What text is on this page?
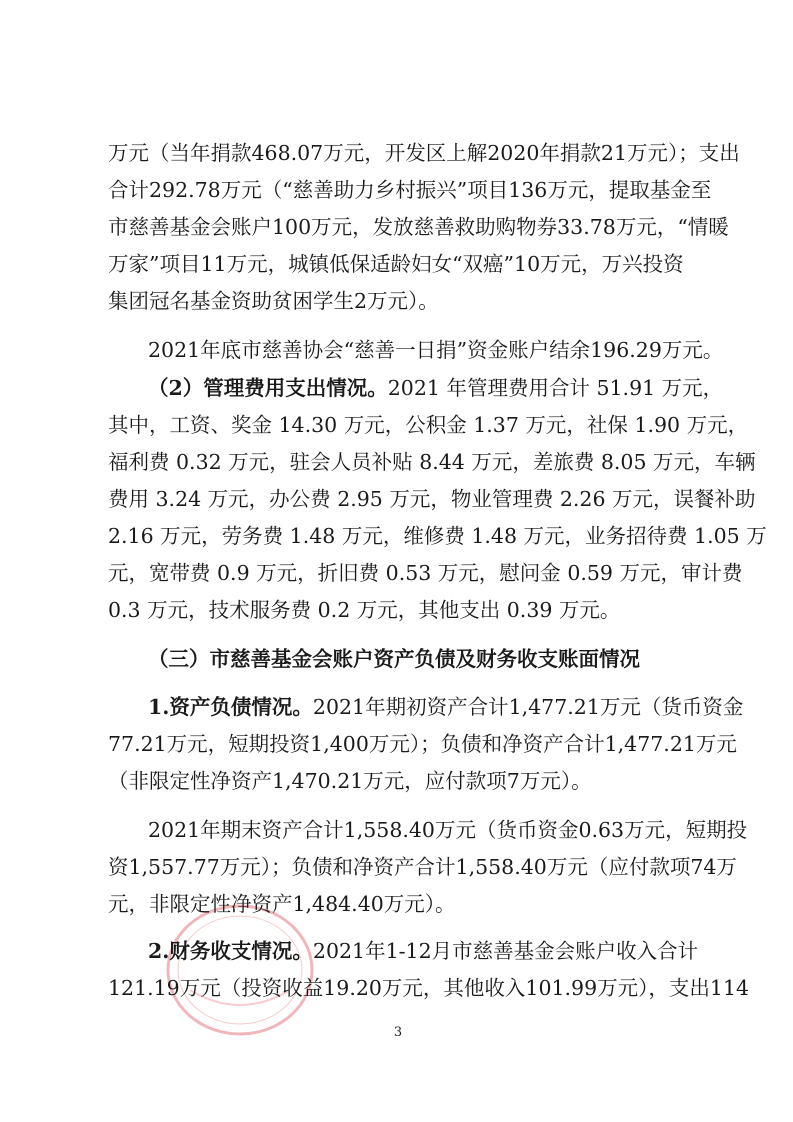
万元（当年捐款468.07万元，开发区上解2020年捐款21万元）；支出
合计292.78万元（“慈善助力乡村振兴”项目136万元，提取基金至
市慈善基金会账户100万元，发放慈善救助购物券33.78万元，“情暖
万家”项目11万元，城镇低保适龄妇女“双癌”10万元，万兴投资
集团冠名基金资助贫困学生2万元）。
2021年底市慈善协会“慈善一日捐”资金账户结余196.29万元。
（2）管理费用支出情况。2021 年管理费用合计 51.91 万元，
其中，工资、奖金 14.30 万元，公积金 1.37 万元，社保 1.90 万元，
福利费 0.32 万元，驻会人员补贴 8.44 万元，差旅费 8.05 万元，车辆
费用 3.24 万元，办公费 2.95 万元，物业管理费 2.26 万元，误餐补助
2.16 万元，劳务费 1.48 万元，维修费 1.48 万元，业务招待费 1.05 万
元，宽带费 0.9 万元，折旧费 0.53 万元，慰问金 0.59 万元，审计费
0.3 万元，技术服务费 0.2 万元，其他支出 0.39 万元。
（三）市慈善基金会账户资产负债及财务收支账面情况
1.资产负债情况。2021年期初资产合计1,477.21万元（货币资金
77.21万元，短期投资1,400万元）；负债和净资产合计1,477.21万元
（非限定性净资产1,470.21万元，应付款项7万元）。
2021年期末资产合计1,558.40万元（货币资金0.63万元，短期投
资1,557.77万元）；负债和净资产合计1,558.40万元（应付款项74万
元，非限定性净资产1,484.40万元）。
2.财务收支情况。2021年1-12月市慈善基金会账户收入合计
121.19万元（投资收益19.20万元，其他收入101.99万元），支出114
3
